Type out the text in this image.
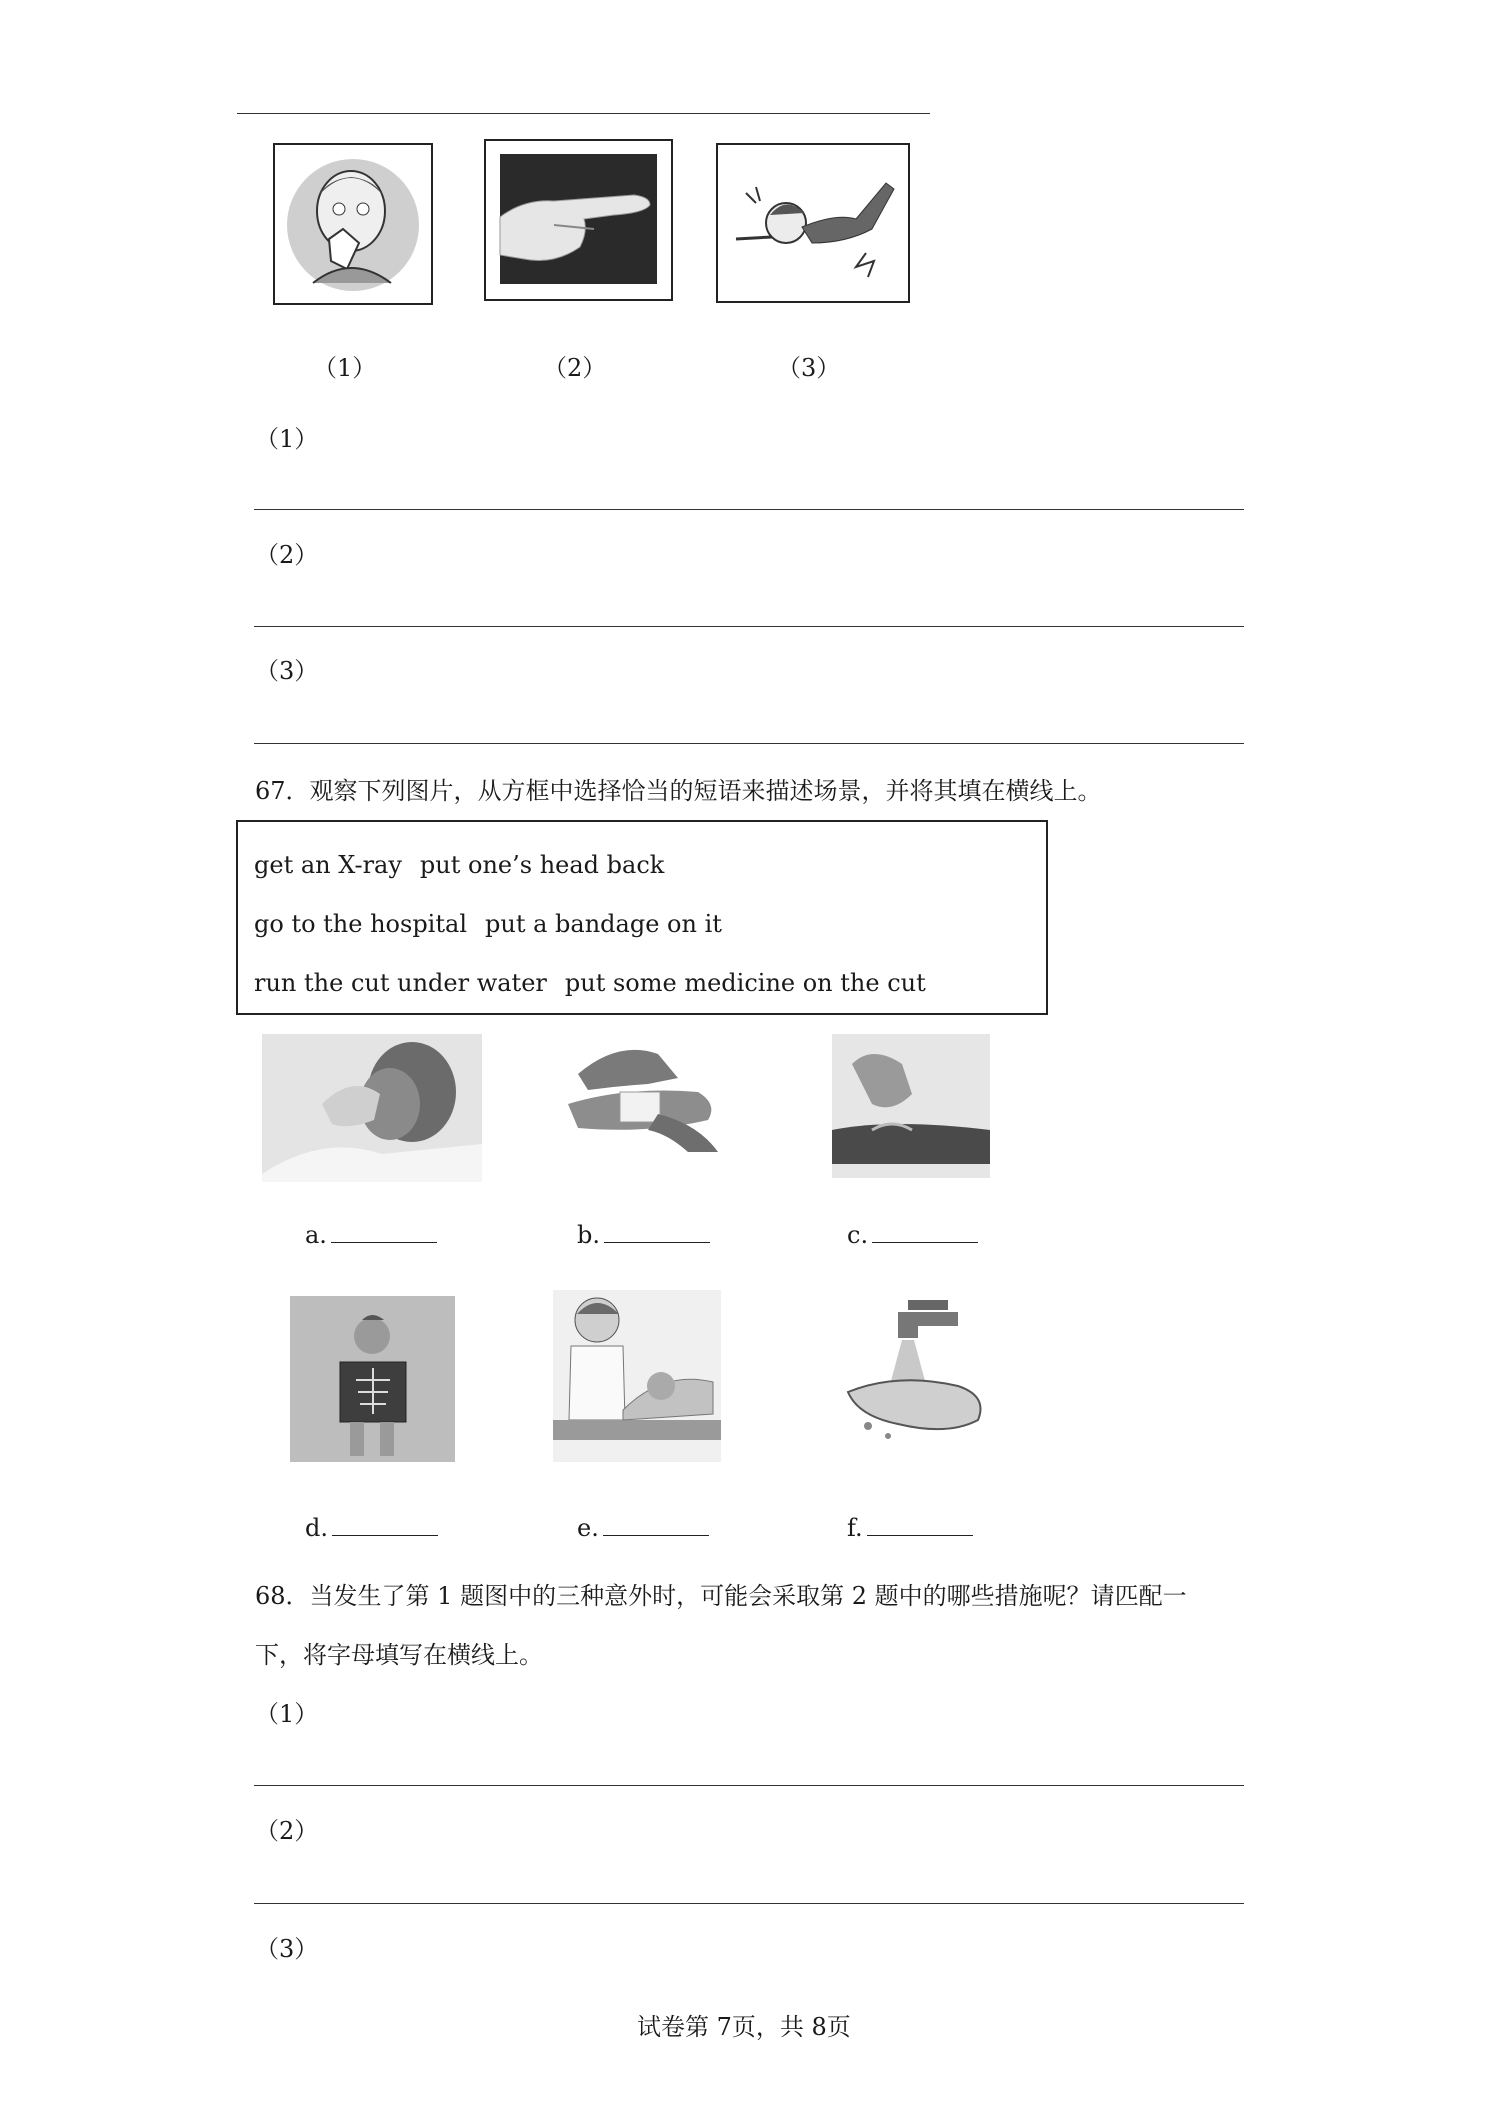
（1）	（2）	（3）
（1）
（2）
（3）
67．观察下列图片，从方框中选择恰当的短语来描述场景，并将其填在横线上。
get an X-ray put one’s head back
go to the hospital put a bandage on it
run the cut under water put some medicine on the cut
a.	b.	c.
d.	e.	f.
68．当发生了第 1 题图中的三种意外时，可能会采取第 2 题中的哪些措施呢？请匹配一
下，将字母填写在横线上。
（1）
（2）
（3）
试卷第 7页，共 8页
